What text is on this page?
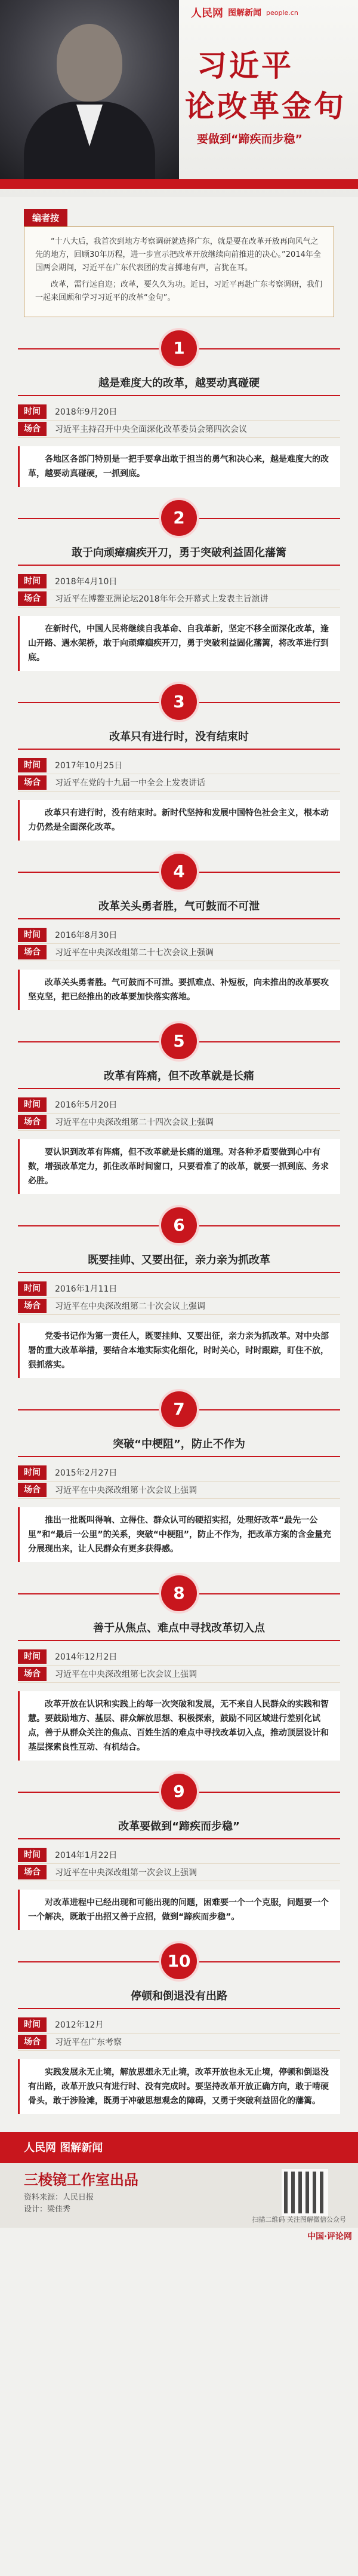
人民网 图解新闻 people.cn
习近平
论改革金句
要做到“蹄疾而步稳”
编者按

“十八大后，我首次到地方考察调研就选择广东，就是要在改革开放再向风气之先的地方，回顾30年历程，进一步宣示把改革开放继续向前推进的决心。”2014年全国两会期间，习近平在广东代表团的发言掷地有声，言犹在耳。

改革，需行远自迩；改革，要久久为功。近日，习近平再赴广东考察调研，我们一起来回顾和学习习近平的改革“金句”。

1
越是难度大的改革，越要动真碰硬
时间	2018年9月20日
场合	习近平主持召开中央全面深化改革委员会第四次会议
各地区各部门特别是一把手要拿出敢于担当的勇气和决心来，越是难度大的改革，越要动真碰硬，一抓到底。
2
敢于向顽瘴痼疾开刀，勇于突破利益固化藩篱
时间	2018年4月10日
场合	习近平在博鳌亚洲论坛2018年年会开幕式上发表主旨演讲
在新时代，中国人民将继续自我革命、自我革新，坚定不移全面深化改革，逢山开路、遇水架桥，敢于向顽瘴痼疾开刀，勇于突破利益固化藩篱，将改革进行到底。
3
改革只有进行时，没有结束时
时间	2017年10月25日
场合	习近平在党的十九届一中全会上发表讲话
改革只有进行时，没有结束时。新时代坚持和发展中国特色社会主义，根本动力仍然是全面深化改革。
4
改革关头勇者胜，气可鼓而不可泄
时间	2016年8月30日
场合	习近平在中央深改组第二十七次会议上强调
改革关头勇者胜。气可鼓而不可泄。要抓难点、补短板，向未推出的改革要攻坚克坚，把已经推出的改革要加快落实落地。
5
改革有阵痛，但不改革就是长痛
时间	2016年5月20日
场合	习近平在中央深改组第二十四次会议上强调
要认识到改革有阵痛，但不改革就是长痛的道理。对各种矛盾要做到心中有数，增强改革定力，抓住改革时间窗口，只要看准了的改革，就要一抓到底、务求必胜。
6
既要挂帅、又要出征，亲力亲为抓改革
时间	2016年1月11日
场合	习近平在中央深改组第二十次会议上强调
党委书记作为第一责任人，既要挂帅、又要出征，亲力亲为抓改革。对中央部署的重大改革举措，要结合本地实际实化细化，时时关心，时时跟踪，盯住不放，狠抓落实。
7
突破“中梗阻”，防止不作为
时间	2015年2月27日
场合	习近平在中央深改组第十次会议上强调
推出一批既叫得响、立得住、群众认可的硬招实招，处理好改革“最先一公里”和“最后一公里”的关系，突破“中梗阻”，防止不作为，把改革方案的含金量充分展现出来，让人民群众有更多获得感。
8
善于从焦点、难点中寻找改革切入点
时间	2014年12月2日
场合	习近平在中央深改组第七次会议上强调
改革开放在认识和实践上的每一次突破和发展，无不来自人民群众的实践和智慧。要鼓励地方、基层、群众解放思想、积极探索，鼓励不同区域进行差别化试点，善于从群众关注的焦点、百姓生活的难点中寻找改革切入点，推动顶层设计和基层探索良性互动、有机结合。
9
改革要做到“蹄疾而步稳”
时间	2014年1月22日
场合	习近平在中央深改组第一次会议上强调
对改革进程中已经出现和可能出现的问题，困难要一个一个克服，问题要一个一个解决，既敢于出招又善于应招，做到“蹄疾而步稳”。
10
停顿和倒退没有出路
时间	2012年12月
场合	习近平在广东考察
实践发展永无止境，解放思想永无止境，改革开放也永无止境，停顿和倒退没有出路，改革开放只有进行时、没有完成时。要坚持改革开放正确方向，敢于啃硬骨头，敢于涉险滩，既勇于冲破思想观念的障碍，又勇于突破利益固化的藩篱。
人民网 图解新闻
三棱镜工作室出品
资料来源：人民日报
设计：梁佳秀
扫描二维码 关注图解微信公众号
中国·评论网
